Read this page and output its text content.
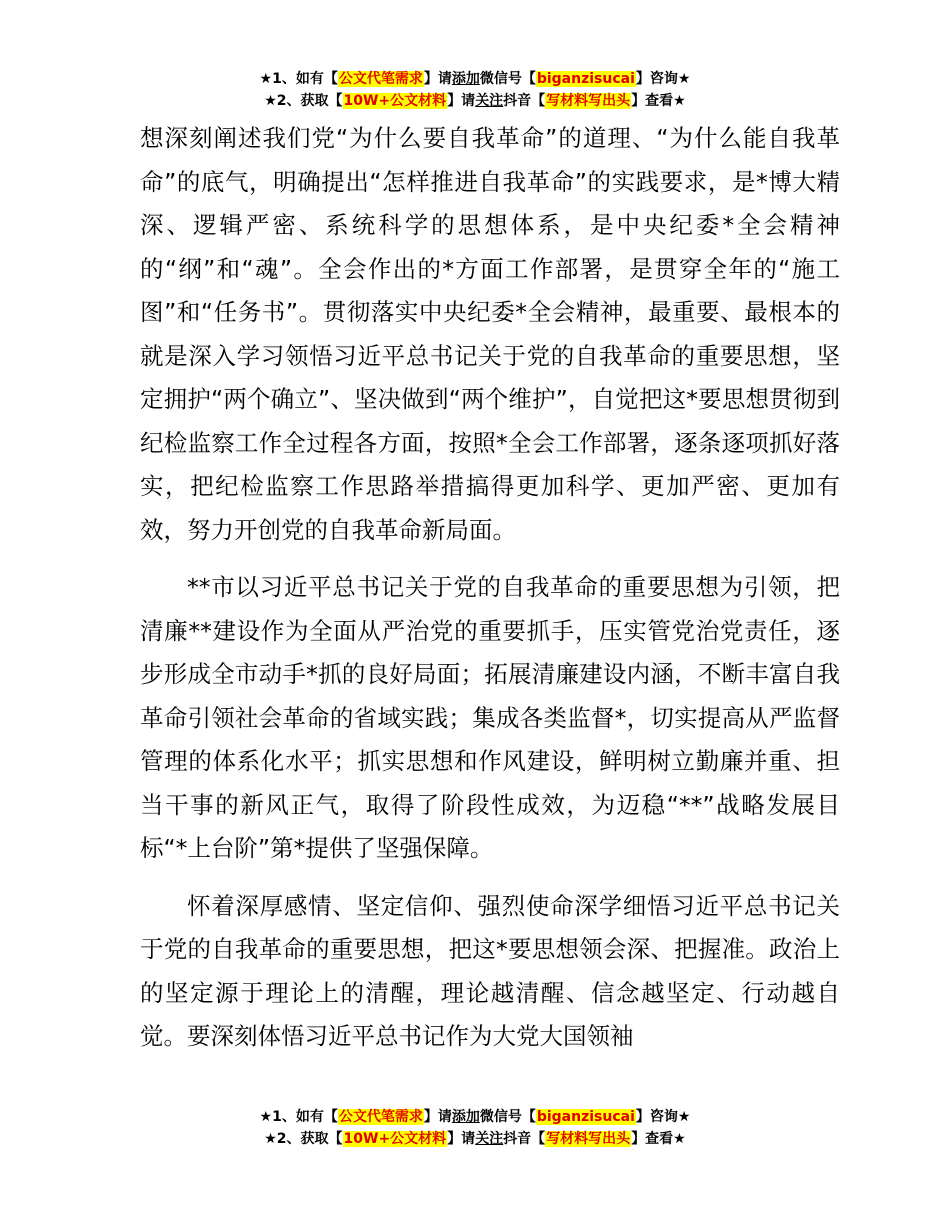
★1、如有【公文代笔需求】请添加微信号【biganzisucai】咨询★
★2、获取【10W+公文材料】请关注抖音【写材料写出头】查看★

想深刻阐述我们党“为什么要自我革命”的道理、“为什么能自我革命”的底气，明确提出“怎样推进自我革命”的实践要求，是*博大精深、逻辑严密、系统科学的思想体系，是中央纪委*全会精神的“纲”和“魂”。全会作出的*方面工作部署，是贯穿全年的“施工图”和“任务书”。贯彻落实中央纪委*全会精神，最重要、最根本的就是深入学习领悟习近平总书记关于党的自我革命的重要思想，坚定拥护“两个确立”、坚决做到“两个维护”，自觉把这*要思想贯彻到纪检监察工作全过程各方面，按照*全会工作部署，逐条逐项抓好落实，把纪检监察工作思路举措搞得更加科学、更加严密、更加有效，努力开创党的自我革命新局面。

**市以习近平总书记关于党的自我革命的重要思想为引领，把清廉**建设作为全面从严治党的重要抓手，压实管党治党责任，逐步形成全市动手*抓的良好局面；拓展清廉建设内涵，不断丰富自我革命引领社会革命的省域实践；集成各类监督*，切实提高从严监督管理的体系化水平；抓实思想和作风建设，鲜明树立勤廉并重、担当干事的新风正气，取得了阶段性成效，为迈稳“**”战略发展目标“*上台阶”第*提供了坚强保障。

怀着深厚感情、坚定信仰、强烈使命深学细悟习近平总书记关于党的自我革命的重要思想，把这*要思想领会深、把握准。政治上的坚定源于理论上的清醒，理论越清醒、信念越坚定、行动越自觉。要深刻体悟习近平总书记作为大党大国领袖

★1、如有【公文代笔需求】请添加微信号【biganzisucai】咨询★
★2、获取【10W+公文材料】请关注抖音【写材料写出头】查看★
